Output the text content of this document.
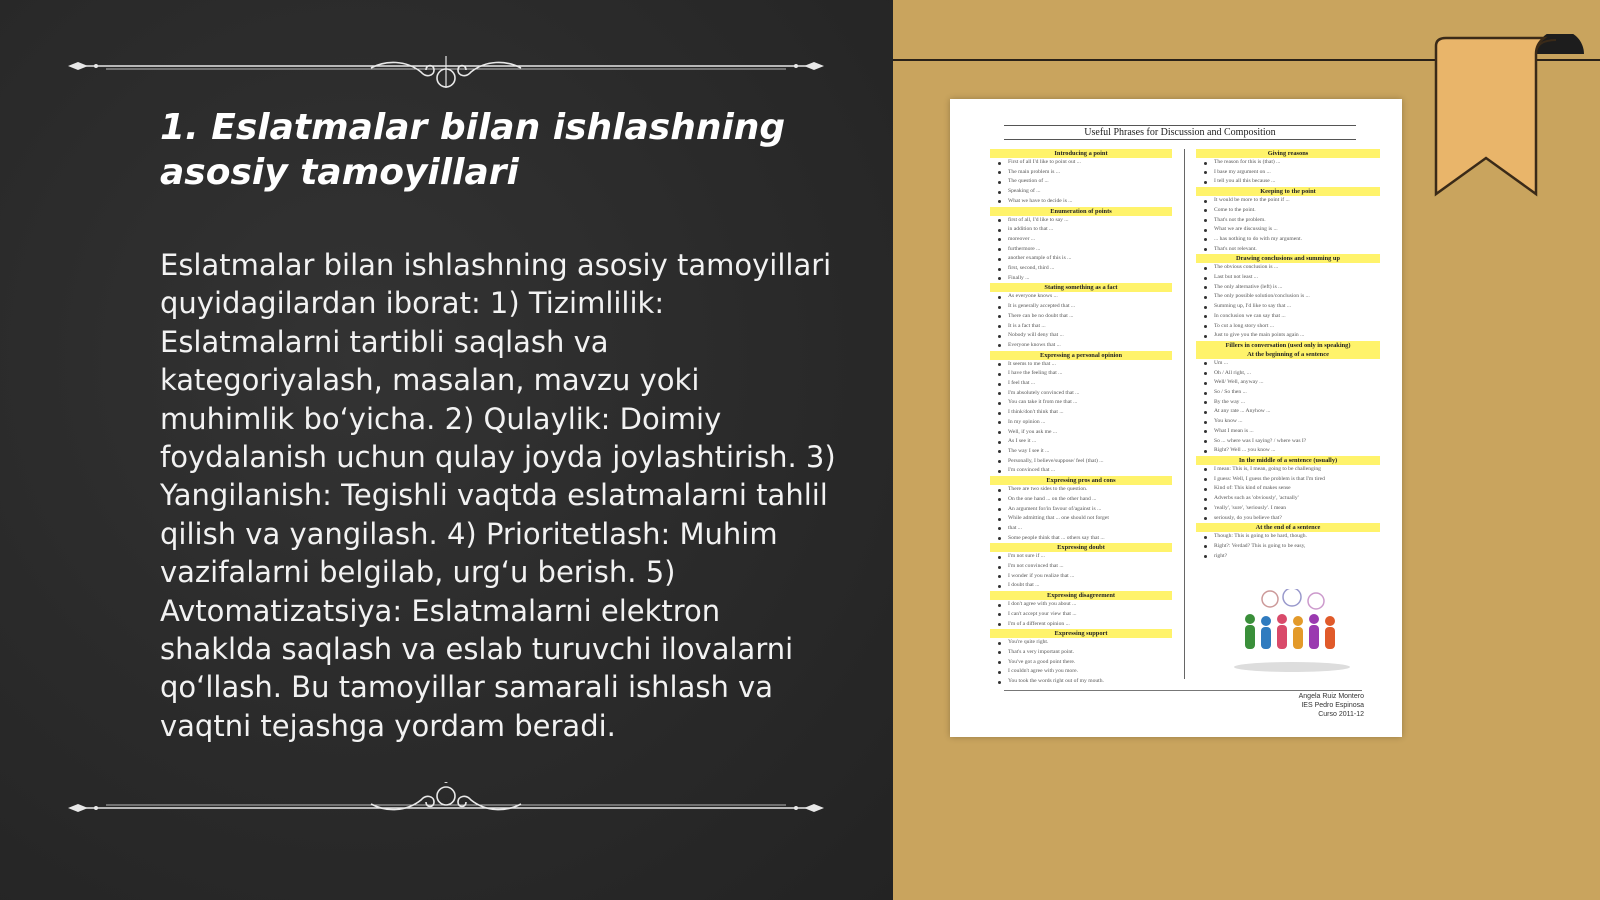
1. Eslatmalar bilan ishlashning asosiy tamoyillari

Eslatmalar bilan ishlashning asosiy tamoyillari quyidagilardan iborat: 1) Tizimlilik: Eslatmalarni tartibli saqlash va kategoriyalash, masalan, mavzu yoki muhimlik bo‘yicha. 2) Qulaylik: Doimiy foydalanish uchun qulay joyda joylashtirish. 3) Yangilanish: Tegishli vaqtda eslatmalarni tahlil qilish va yangilash. 4) Prioritetlash: Muhim vazifalarni belgilab, urg‘u berish. 5) Avtomatizatsiya: Eslatmalarni elektron shaklda saqlash va eslab turuvchi ilovalarni qo‘llash. Bu tamoyillar samarali ishlash va vaqtni tejashga yordam beradi.

Useful Phrases for Discussion and Composition
Introducing a point
First of all I'd like to point out ...
The main problem is ...
The question of ...
Speaking of ...
What we have to decide is ...
Enumeration of points
first of all, I'd like to say ...
in addition to that ...
moreover ...
furthermore ...
another example of this is ...
first, second, third ...
Finally ...
Stating something as a fact
As everyone knows ...
It is generally accepted that ...
There can be no doubt that ...
It is a fact that ...
Nobody will deny that ...
Everyone knows that ...
Expressing a personal opinion
It seems to me that ...
I have the feeling that ...
I feel that ...
I'm absolutely convinced that ...
You can take it from me that ...
I think/don't think that ...
In my opinion ...
Well, if you ask me ...
As I see it ...
The way I see it ...
Personally, I believe/suppose/ feel (that) ...
I'm convinced that ...
Expressing pros and cons
There are two sides to the question.
On the one hand ... on the other hand ...
An argument for/in favour of/against is ...
While admitting that ... one should not forget
that ...
Some people think that ... others say that ...
Expressing doubt
I'm not sure if ...
I'm not convinced that ...
I wonder if you realize that ...
I doubt that ...
Expressing disagreement
I don't agree with you about ...
I can't accept your view that ...
I'm of a different opinion ...
Expressing support
You're quite right.
That's a very important point.
You've got a good point there.
I couldn't agree with you more.
You took the words right out of my mouth.
Giving reasons
The reason for this is (that) ...
I base my argument on ...
I tell you all this because ...
Keeping to the point
It would be more to the point if ...
Come to the point.
That's not the problem.
What we are discussing is ...
... has nothing to do with my argument.
That's not relevant.
Drawing conclusions and summing up
The obvious conclusion is ...
Last but not least ...
The only alternative (left) is ...
The only possible solution/conclusion is ...
Summing up, I'd like to say that ...
In conclusion we can say that ...
To cut a long story short ...
Just to give you the main points again ...
Fillers in conversation (used only in speaking)
At the beginning of a sentence
Um ...
Oh / All right, ...
Well/ Well, anyway ...
So / So then ...
By the way ...
At any rate ... Anyhow ...
You know ...
What I mean is ...
So ... where was I saying? / where was I?
Right? Well ... you know ...
In the middle of a sentence (usually)
I mean: This is, I mean, going to be challenging
I guess: Well, I guess the problem is that I'm tired
Kind of: This kind of makes sense
Adverbs such as 'obviously', 'actually'
'really', 'sure', 'seriously'. I mean
seriously, do you believe that?
At the end of a sentence
Though: This is going to be hard, though.
Right?: Verdad? This is going to be easy,
right?
Angela Ruiz Montero
IES Pedro Espinosa
Curso 2011-12
